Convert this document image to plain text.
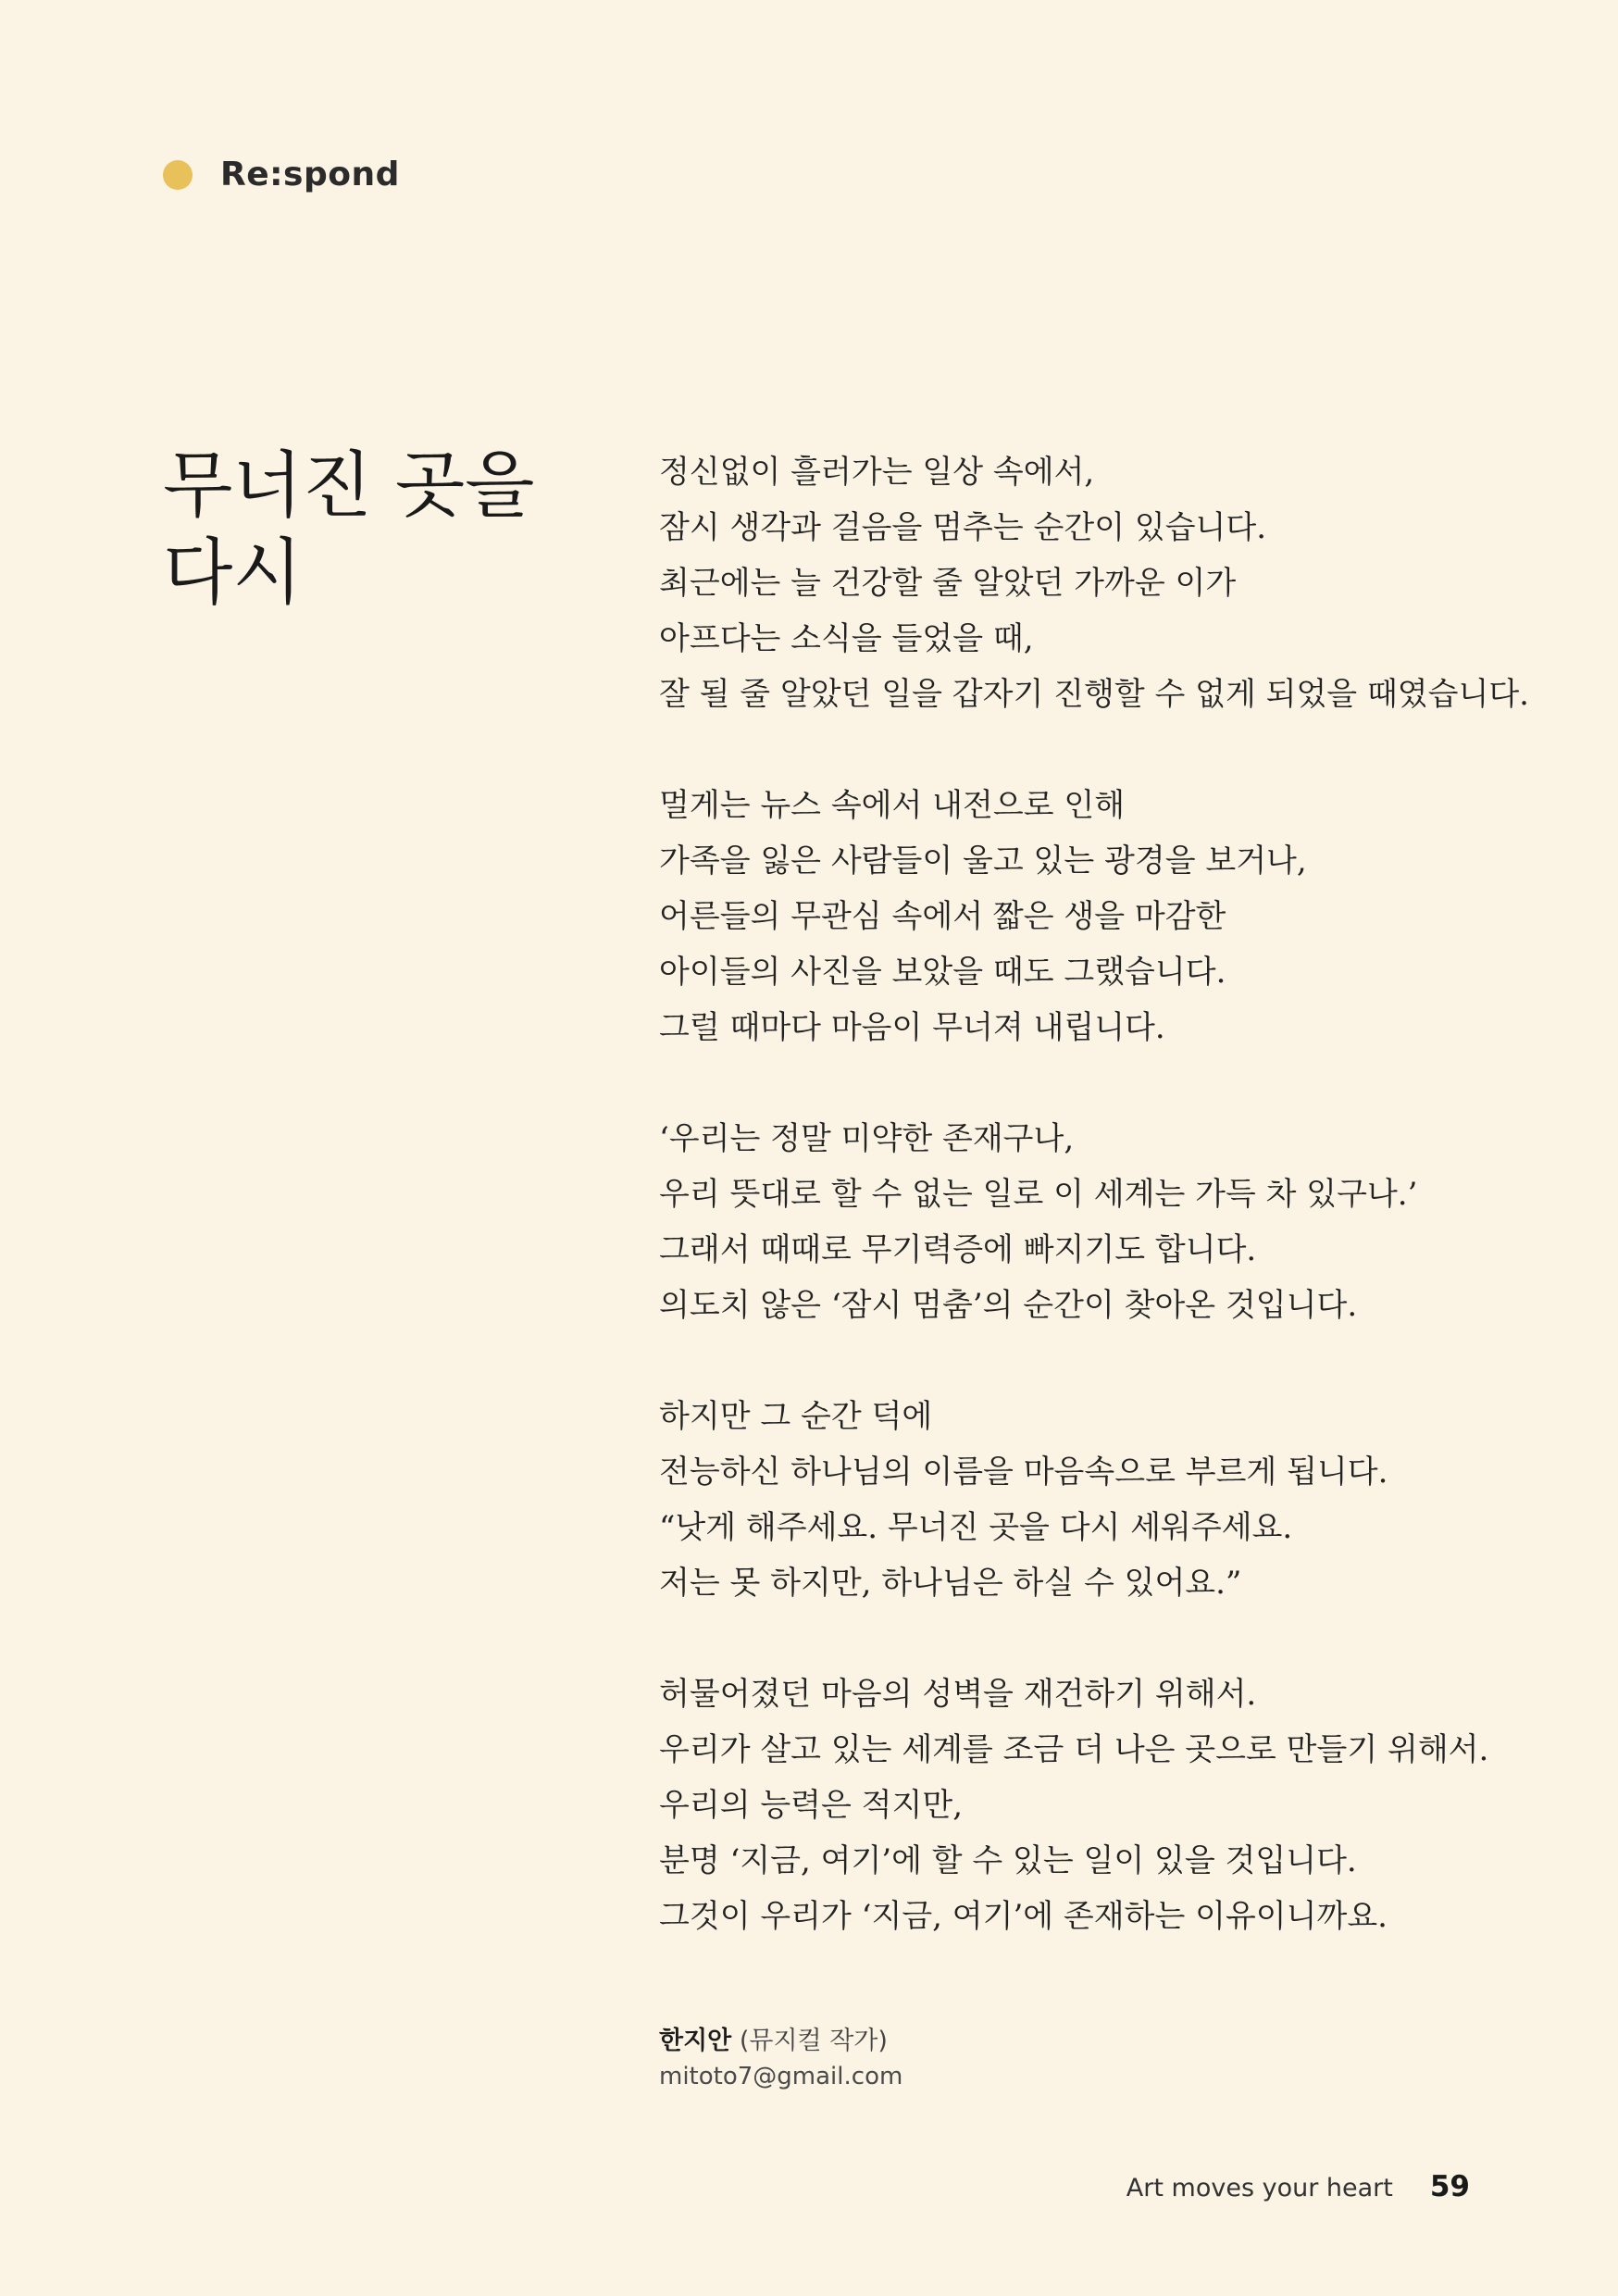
Re:spond
무너진 곳을
다시
정신없이 흘러가는 일상 속에서,
잠시 생각과 걸음을 멈추는 순간이 있습니다.
최근에는 늘 건강할 줄 알았던 가까운 이가
아프다는 소식을 들었을 때,
잘 될 줄 알았던 일을 갑자기 진행할 수 없게 되었을 때였습니다.
멀게는 뉴스 속에서 내전으로 인해
가족을 잃은 사람들이 울고 있는 광경을 보거나,
어른들의 무관심 속에서 짧은 생을 마감한
아이들의 사진을 보았을 때도 그랬습니다.
그럴 때마다 마음이 무너져 내립니다.
‘우리는 정말 미약한 존재구나,
우리 뜻대로 할 수 없는 일로 이 세계는 가득 차 있구나.’
그래서 때때로 무기력증에 빠지기도 합니다.
의도치 않은 ‘잠시 멈춤’의 순간이 찾아온 것입니다.
하지만 그 순간 덕에
전능하신 하나님의 이름을 마음속으로 부르게 됩니다.
“낫게 해주세요. 무너진 곳을 다시 세워주세요.
저는 못 하지만, 하나님은 하실 수 있어요.”
허물어졌던 마음의 성벽을 재건하기 위해서.
우리가 살고 있는 세계를 조금 더 나은 곳으로 만들기 위해서.
우리의 능력은 적지만,
분명 ‘지금, 여기’에 할 수 있는 일이 있을 것입니다.
그것이 우리가 ‘지금, 여기’에 존재하는 이유이니까요.
한지안 (뮤지컬 작가)
mitoto7@gmail.com
Art moves your heart 59
